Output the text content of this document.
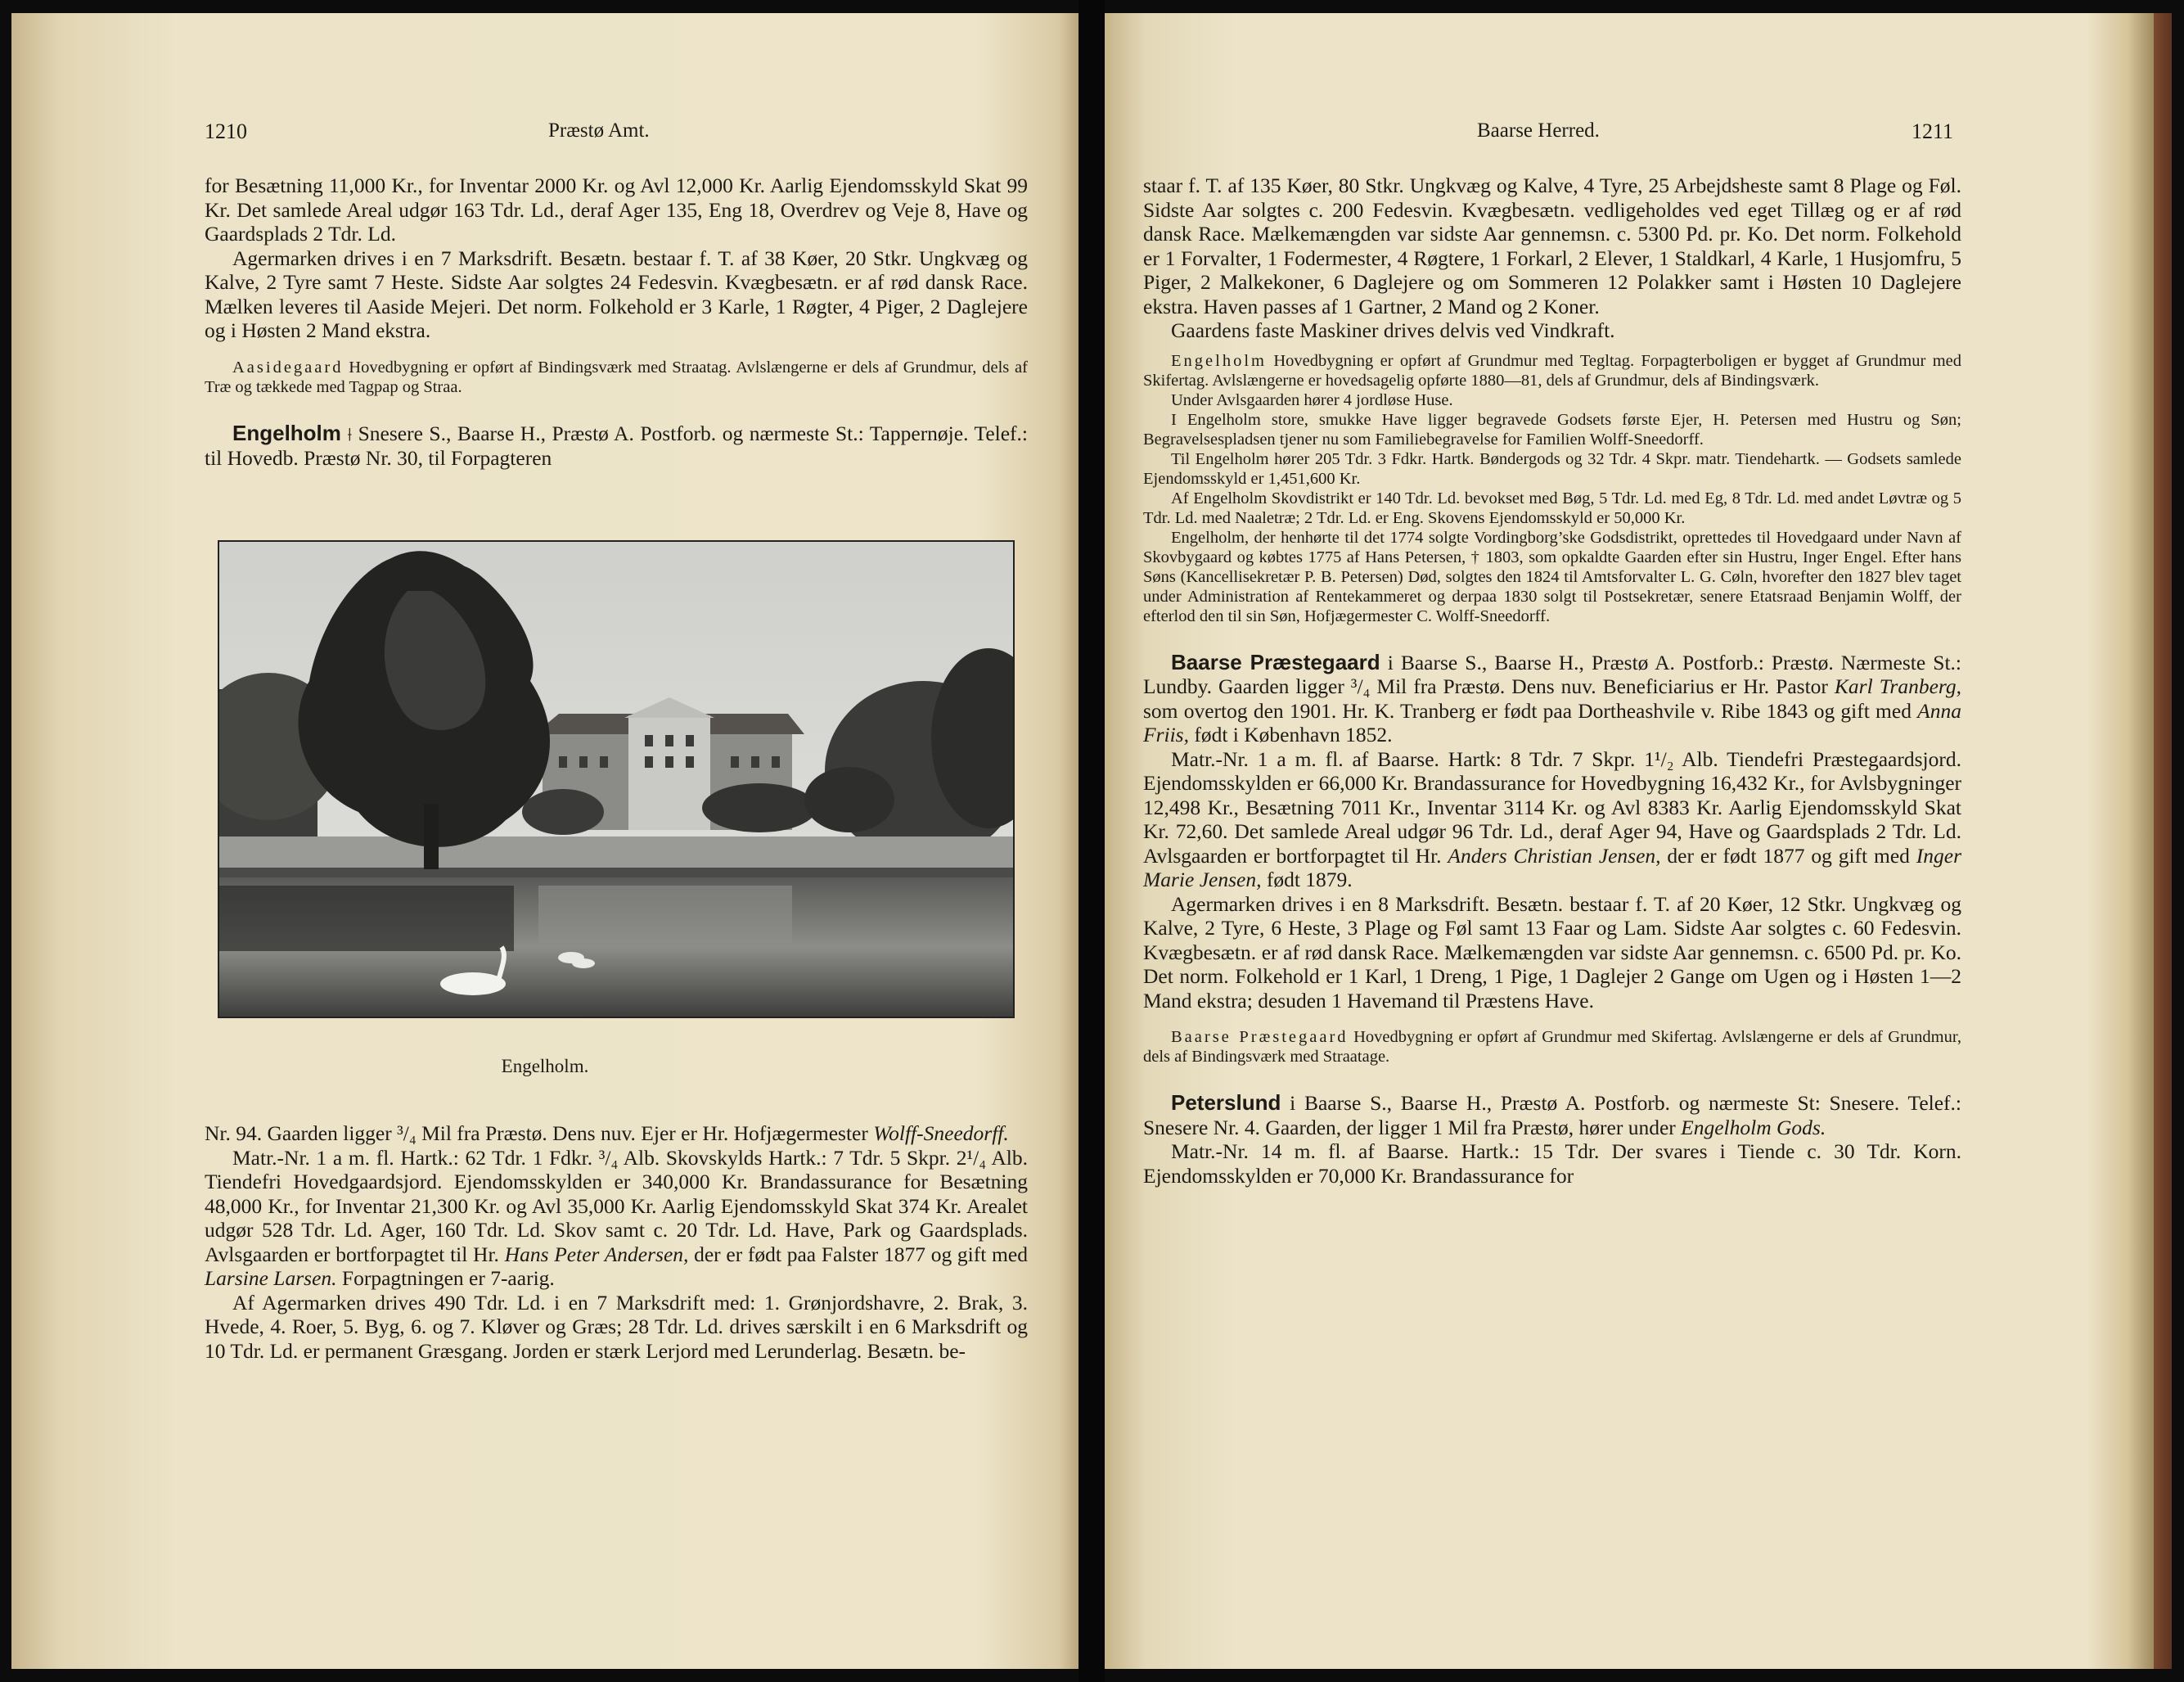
1210	Præstø Amt.

for Besætning 11,000 Kr., for Inventar 2000 Kr. og Avl 12,000 Kr. Aarlig Ejendomsskyld Skat 99 Kr. Det samlede Areal udgør 163 Tdr. Ld., deraf Ager 135, Eng 18, Overdrev og Veje 8, Have og Gaardsplads 2 Tdr. Ld.

Agermarken drives i en 7 Marksdrift. Besætn. bestaar f. T. af 38 Køer, 20 Stkr. Ungkvæg og Kalve, 2 Tyre samt 7 Heste. Sidste Aar solgtes 24 Fedesvin. Kvægbesætn. er af rød dansk Race. Mælken leveres til Aaside Mejeri. Det norm. Folkehold er 3 Karle, 1 Røgter, 4 Piger, 2 Daglejere og i Høsten 2 Mand ekstra.

Aasidegaard Hovedbygning er opført af Bindingsværk med Straatag. Avlslængerne er dels af Grundmur, dels af Træ og tækkede med Tagpap og Straa.

Engelholm ⟊ Snesere S., Baarse H., Præstø A. Postforb. og nærmeste St.: Tappernøje. Telef.: til Hovedb. Præstø Nr. 30, til Forpagteren

Engelholm.

Nr. 94. Gaarden ligger ³/₄ Mil fra Præstø. Dens nuv. Ejer er Hr. Hofjægermester Wolff-Sneedorff.

Matr.-Nr. 1 a m. fl. Hartk.: 62 Tdr. 1 Fdkr. ³/₄ Alb. Skovskylds Hartk.: 7 Tdr. 5 Skpr. 2¹/₄ Alb. Tiendefri Hovedgaardsjord. Ejendomsskylden er 340,000 Kr. Brandassurance for Besætning 48,000 Kr., for Inventar 21,300 Kr. og Avl 35,000 Kr. Aarlig Ejendomsskyld Skat 374 Kr. Arealet udgør 528 Tdr. Ld. Ager, 160 Tdr. Ld. Skov samt c. 20 Tdr. Ld. Have, Park og Gaardsplads. Avlsgaarden er bortforpagtet til Hr. Hans Peter Andersen, der er født paa Falster 1877 og gift med Larsine Larsen. Forpagtningen er 7-aarig.

Af Agermarken drives 490 Tdr. Ld. i en 7 Marksdrift med: 1. Grønjordshavre, 2. Brak, 3. Hvede, 4. Roer, 5. Byg, 6. og 7. Kløver og Græs; 28 Tdr. Ld. drives særskilt i en 6 Marksdrift og 10 Tdr. Ld. er permanent Græsgang. Jorden er stærk Lerjord med Lerunderlag. Besætn. be-

Baarse Herred.	1211

staar f. T. af 135 Køer, 80 Stkr. Ungkvæg og Kalve, 4 Tyre, 25 Arbejdsheste samt 8 Plage og Føl. Sidste Aar solgtes c. 200 Fedesvin. Kvægbesætn. vedligeholdes ved eget Tillæg og er af rød dansk Race. Mælkemængden var sidste Aar gennemsn. c. 5300 Pd. pr. Ko. Det norm. Folkehold er 1 Forvalter, 1 Fodermester, 4 Røgtere, 1 Forkarl, 2 Elever, 1 Staldkarl, 4 Karle, 1 Husjomfru, 5 Piger, 2 Malkekoner, 6 Daglejere og om Sommeren 12 Polakker samt i Høsten 10 Daglejere ekstra. Haven passes af 1 Gartner, 2 Mand og 2 Koner.

Gaardens faste Maskiner drives delvis ved Vindkraft.

Engelholm Hovedbygning er opført af Grundmur med Tegltag. Forpagterboligen er bygget af Grundmur med Skifertag. Avlslængerne er hovedsagelig opførte 1880—81, dels af Grundmur, dels af Bindingsværk.

Under Avlsgaarden hører 4 jordløse Huse.

I Engelholm store, smukke Have ligger begravede Godsets første Ejer, H. Petersen med Hustru og Søn; Begravelsespladsen tjener nu som Familiebegravelse for Familien Wolff-Sneedorff.

Til Engelholm hører 205 Tdr. 3 Fdkr. Hartk. Bøndergods og 32 Tdr. 4 Skpr. matr. Tiendehartk. — Godsets samlede Ejendomsskyld er 1,451,600 Kr.

Af Engelholm Skovdistrikt er 140 Tdr. Ld. bevokset med Bøg, 5 Tdr. Ld. med Eg, 8 Tdr. Ld. med andet Løvtræ og 5 Tdr. Ld. med Naaletræ; 2 Tdr. Ld. er Eng. Skovens Ejendomsskyld er 50,000 Kr.

Engelholm, der henhørte til det 1774 solgte Vordingborg’ske Godsdistrikt, oprettedes til Hovedgaard under Navn af Skovbygaard og købtes 1775 af Hans Petersen, † 1803, som opkaldte Gaarden efter sin Hustru, Inger Engel. Efter hans Søns (Kancellisekretær P. B. Petersen) Død, solgtes den 1824 til Amtsforvalter L. G. Cøln, hvorefter den 1827 blev taget under Administration af Rentekammeret og derpaa 1830 solgt til Postsekretær, senere Etatsraad Benjamin Wolff, der efterlod den til sin Søn, Hofjægermester C. Wolff-Sneedorff.

Baarse Præstegaard i Baarse S., Baarse H., Præstø A. Postforb.: Præstø. Nærmeste St.: Lundby. Gaarden ligger ³/₄ Mil fra Præstø. Dens nuv. Beneficiarius er Hr. Pastor Karl Tranberg, som overtog den 1901. Hr. K. Tranberg er født paa Dortheashvile v. Ribe 1843 og gift med Anna Friis, født i København 1852.

Matr.-Nr. 1 a m. fl. af Baarse. Hartk: 8 Tdr. 7 Skpr. 1¹/₂ Alb. Tiendefri Præstegaardsjord. Ejendomsskylden er 66,000 Kr. Brandassurance for Hovedbygning 16,432 Kr., for Avlsbygninger 12,498 Kr., Besætning 7011 Kr., Inventar 3114 Kr. og Avl 8383 Kr. Aarlig Ejendomsskyld Skat Kr. 72,60. Det samlede Areal udgør 96 Tdr. Ld., deraf Ager 94, Have og Gaardsplads 2 Tdr. Ld. Avlsgaarden er bortforpagtet til Hr. Anders Christian Jensen, der er født 1877 og gift med Inger Marie Jensen, født 1879.

Agermarken drives i en 8 Marksdrift. Besætn. bestaar f. T. af 20 Køer, 12 Stkr. Ungkvæg og Kalve, 2 Tyre, 6 Heste, 3 Plage og Føl samt 13 Faar og Lam. Sidste Aar solgtes c. 60 Fedesvin. Kvægbesætn. er af rød dansk Race. Mælkemængden var sidste Aar gennemsn. c. 6500 Pd. pr. Ko. Det norm. Folkehold er 1 Karl, 1 Dreng, 1 Pige, 1 Daglejer 2 Gange om Ugen og i Høsten 1—2 Mand ekstra; desuden 1 Havemand til Præstens Have.

Baarse Præstegaard Hovedbygning er opført af Grundmur med Skifertag. Avlslængerne er dels af Grundmur, dels af Bindingsværk med Straatage.

Peterslund i Baarse S., Baarse H., Præstø A. Postforb. og nærmeste St: Snesere. Telef.: Snesere Nr. 4. Gaarden, der ligger 1 Mil fra Præstø, hører under Engelholm Gods.

Matr.-Nr. 14 m. fl. af Baarse. Hartk.: 15 Tdr. Der svares i Tiende c. 30 Tdr. Korn. Ejendomsskylden er 70,000 Kr. Brandassurance for
